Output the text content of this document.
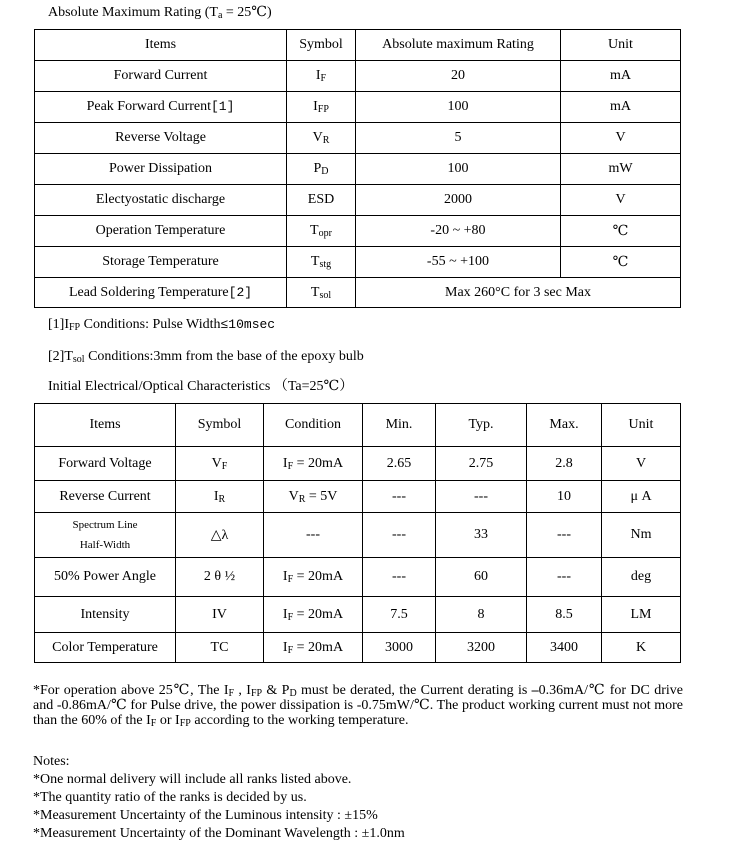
Absolute Maximum Rating ($T_a$ = 25℃)
Items	Symbol	Absolute maximum Rating	Unit
Forward Current	$I_F$	20	mA
Peak Forward Current[1]	$I_{FP}$	100	mA
Reverse Voltage	$V_R$	5	V
Power Dissipation	$P_D$	100	mW
Electyostatic discharge	ESD	2000	V
Operation Temperature	$T_{opr}$	-20 ~ +80	℃
Storage Temperature	$T_{stg}$	-55 ~ +100	℃
Lead Soldering Temperature[2]	$T_{sol}$	Max 260°C for 3 sec Max	
$[1]I_{FP}$ Conditions: Pulse Width≤10msec
$[2]T_{sol}$ Conditions:3mm from the base of the epoxy bulb
Initial Electrical/Optical Characteristics （Ta=25℃）
Items	Symbol	Condition	Min.	Typ.	Max.	Unit
Forward Voltage	$V_F$	$I_F = 20mA$	2.65	2.75	2.8	V
Reverse Current	$I_R$	$V_R = 5V$	---	---	10	μ A
Spectrum Line
Half-Width	△λ	---	---	33	---	Nm
50% Power Angle	2 θ ½	$I_F = 20mA$	---	60	---	deg
Intensity	IV	$I_F = 20mA$	7.5	8	8.5	LM
Color Temperature	TC	$I_F = 20mA$	3000	3200	3400	K
*For operation above 25℃, The $I_F$ , $I_{FP}$ & $P_D$ must be derated, the Current derating is –0.36mA/℃ for DC drive and -0.86mA/℃ for Pulse drive, the power dissipation is -0.75mW/℃. The product working current must not more than the 60% of the $I_F$ or $I_{FP}$ according to the working temperature.
Notes:
*One normal delivery will include all ranks listed above.
*The quantity ratio of the ranks is decided by us.
*Measurement Uncertainty of the Luminous intensity : ±15%
*Measurement Uncertainty of the Dominant Wavelength : ±1.0nm
